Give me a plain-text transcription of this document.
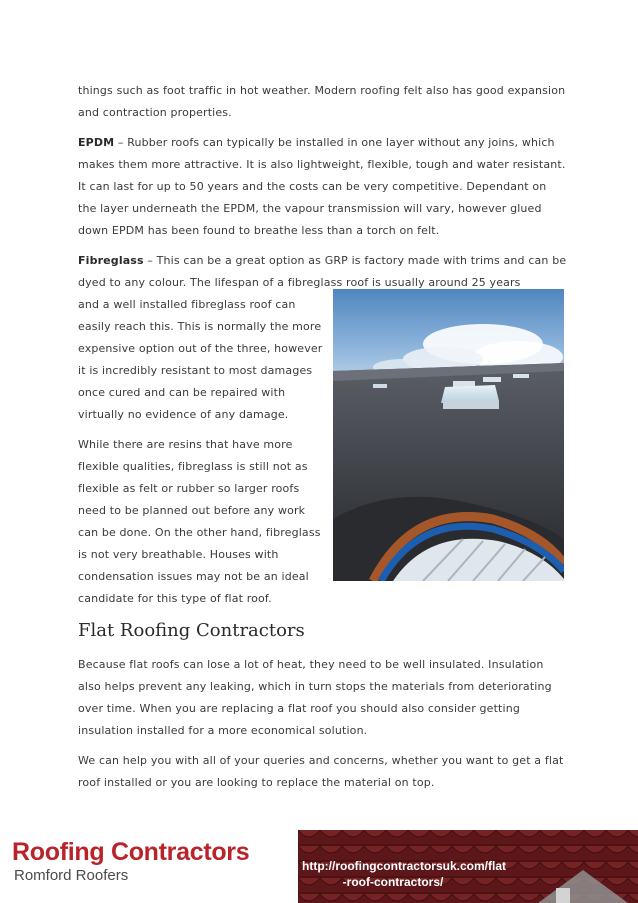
things such as foot traffic in hot weather. Modern roofing felt also has good expansion and contraction properties.

EPDM – Rubber roofs can typically be installed in one layer without any joins, which makes them more attractive. It is also lightweight, flexible, tough and water resistant. It can last for up to 50 years and the costs can be very competitive. Dependant on the layer underneath the EPDM, the vapour transmission will vary, however glued down EPDM has been found to breathe less than a torch on felt.

Fibreglass – This can be a great option as GRP is factory made with trims and can be dyed to any colour. The lifespan of a fibreglass roof is usually around 25 years

and a well installed fibreglass roof can easily reach this. This is normally the more expensive option out of the three, however it is incredibly resistant to most damages once cured and can be repaired with virtually no evidence of any damage.

While there are resins that have more flexible qualities, fibreglass is still not as flexible as felt or rubber so larger roofs need to be planned out before any work can be done. On the other hand, fibreglass is not very breathable. Houses with condensation issues may not be an ideal candidate for this type of flat roof.

Flat Roofing Contractors

Because flat roofs can lose a lot of heat, they need to be well insulated. Insulation also helps prevent any leaking, which in turn stops the materials from deteriorating over time. When you are replacing a flat roof you should also consider getting insulation installed for a more economical solution.

We can help you with all of your queries and concerns, whether you want to get a flat roof installed or you are looking to replace the material on top.

Roofing Contractors
Romford Roofers
http://roofingcontractorsuk.com/flat
-roof-contractors/
